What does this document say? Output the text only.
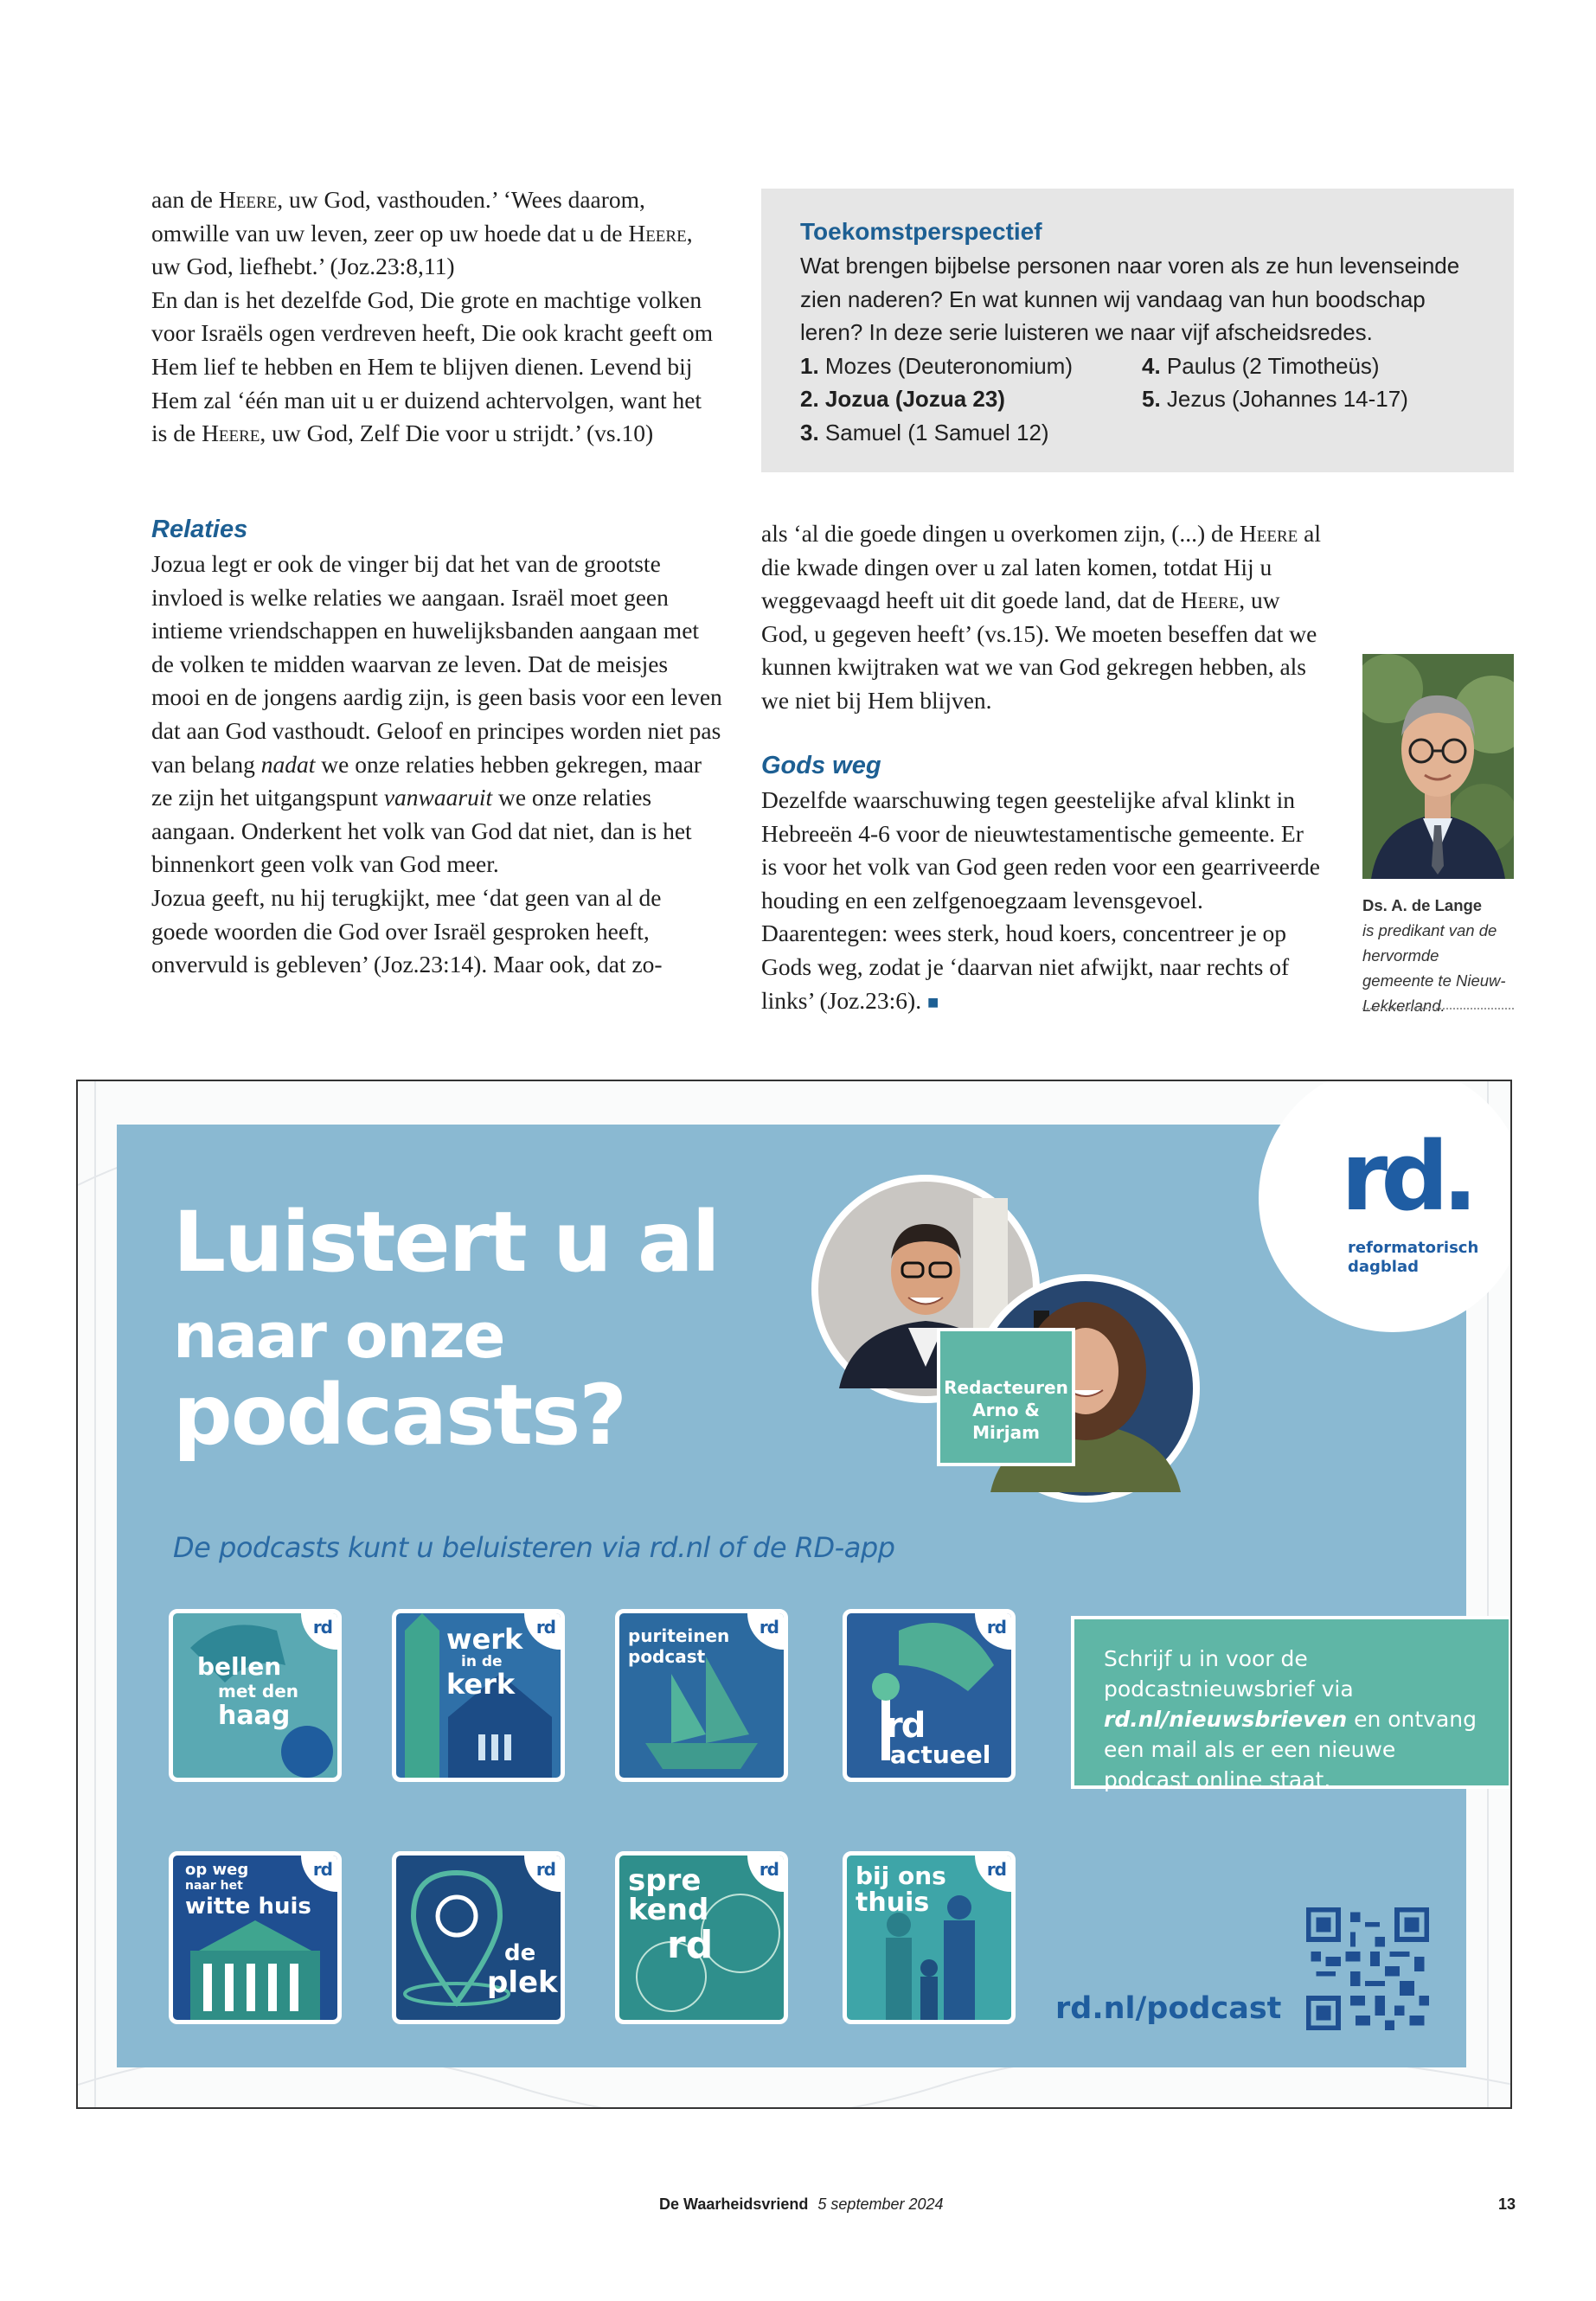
aan de Heere, uw God, vasthouden.’ ‘Wees daarom, omwille van uw leven, zeer op uw hoede dat u de Heere, uw God, liefhebt.’ (Joz.23:8,11)

En dan is het dezelfde God, Die grote en machtige volken voor Israëls ogen verdreven heeft, Die ook kracht geeft om Hem lief te hebben en Hem te blijven dienen. Levend bij Hem zal ‘één man uit u er duizend achtervolgen, want het is de Heere, uw God, Zelf Die voor u strijdt.’ (vs.10)

Relaties

Jozua legt er ook de vinger bij dat het van de grootste invloed is welke relaties we aangaan. Israël moet geen intieme vriendschappen en huwelijksbanden aangaan met de volken te midden waarvan ze leven. Dat de meisjes mooi en de jongens aardig zijn, is geen basis voor een leven dat aan God vasthoudt. Geloof en principes worden niet pas van belang nadat we onze relaties hebben gekregen, maar ze zijn het uitgangspunt vanwaaruit we onze relaties aangaan. Onderkent het volk van God dat niet, dan is het binnenkort geen volk van God meer.

Jozua geeft, nu hij terugkijkt, mee ‘dat geen van al de goede woorden die God over Israël gesproken heeft, onvervuld is gebleven’ (Joz.23:14). Maar ook, dat zo-

als ‘al die goede dingen u overkomen zijn, (...) de Heere al die kwade dingen over u zal laten komen, totdat Hij u weggevaagd heeft uit dit goede land, dat de Heere, uw God, u gegeven heeft’ (vs.15). We moeten beseffen dat we kunnen kwijtraken wat we van God gekregen hebben, als we niet bij Hem blijven.

Gods weg

Dezelfde waarschuwing tegen geestelijke afval klinkt in Hebreeën 4-6 voor de nieuwtestamentische gemeente. Er is voor het volk van God geen reden voor een gearriveerde houding en een zelfgenoegzaam levensgevoel. Daarentegen: wees sterk, houd koers, concentreer je op Gods weg, zodat je ‘daarvan niet afwijkt, naar rechts of links’ (Joz.23:6). ■

Toekomstperspectief
Wat brengen bijbelse personen naar voren als ze hun levenseinde zien naderen? En wat kunnen wij vandaag van hun boodschap leren? In deze serie luisteren we naar vijf afscheidsredes.
1. Mozes (Deuteronomium)	4. Paulus (2 Timotheüs)
2. Jozua (Jozua 23)	5. Jezus (Johannes 14-17)
3. Samuel (1 Samuel 12)
Ds. A. de Lange
is predikant van de hervormde gemeente te Nieuw-Lekkerland.
rd.
reformatorisch
dagblad
Luistert u al
naar onze
podcasts?
De podcasts kunt u beluisteren via rd.nl of de RD-app
Redacteuren
Arno & Mirjam
bellen
met den
haag
rd	werk
in de
kerk
rd	puriteinen
podcast
rd
rd
actueel
rd
op weg
naar het
witte huis
rd
de
plek
rd spre
kend
rd
rd	bij ons
thuis
rd
Schrijf u in voor de podcastnieuwsbrief via rd.nl/nieuwsbrieven en ontvang een mail als er een nieuwe podcast online staat.
rd.nl/podcast
De Waarheidsvriend 5 september 2024	13
